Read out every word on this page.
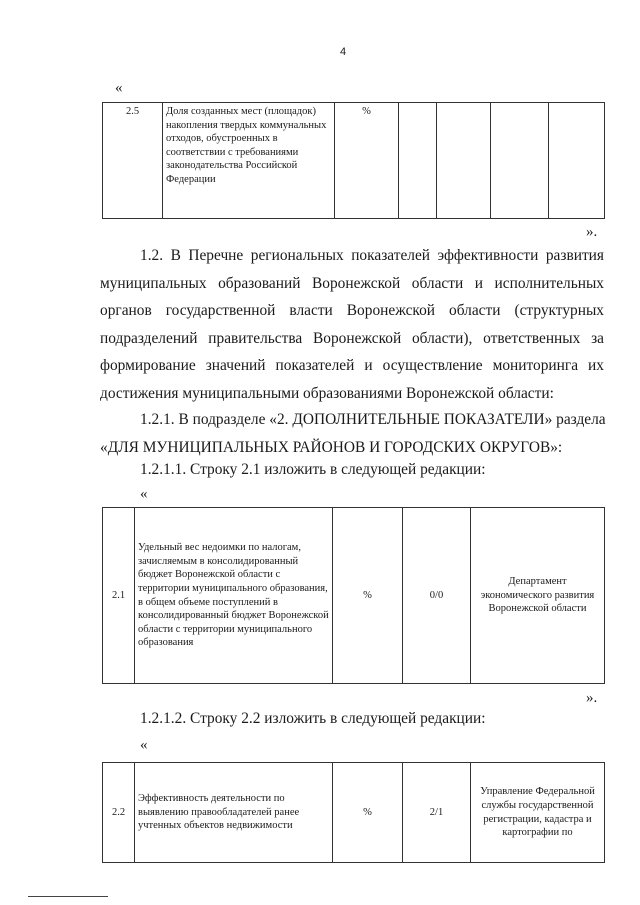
4
«
2.5	Доля созданных мест (площадок) накопления твердых коммунальных отходов, обустроенных в соответствии с требованиями законодательства Российской Федерации	%				
».
1.2. В Перечне региональных показателей эффективности развития
муниципальных образований Воронежской области и исполнительных
органов государственной власти Воронежской области (структурных
подразделений правительства Воронежской области), ответственных за
формирование значений показателей и осуществление мониторинга их
достижения муниципальными образованиями Воронежской области:
1.2.1. В подразделе «2. ДОПОЛНИТЕЛЬНЫЕ ПОКАЗАТЕЛИ» раздела
«ДЛЯ МУНИЦИПАЛЬНЫХ РАЙОНОВ И ГОРОДСКИХ ОКРУГОВ»:
1.2.1.1. Строку 2.1 изложить в следующей редакции:
«
2.1	Удельный вес недоимки по налогам, зачисляемым в консолидированный бюджет Воронежской области с территории муниципального образования, в общем объеме поступлений в консолидированный бюджет Воронежской области с территории муниципального образования	%	0/0	Департамент экономического развития Воронежской области
».
1.2.1.2. Строку 2.2 изложить в следующей редакции:
«
2.2	Эффективность деятельности по выявлению правообладателей ранее учтенных объектов недвижимости	%	2/1	Управление Федеральной службы государственной регистрации, кадастра и картографии по
